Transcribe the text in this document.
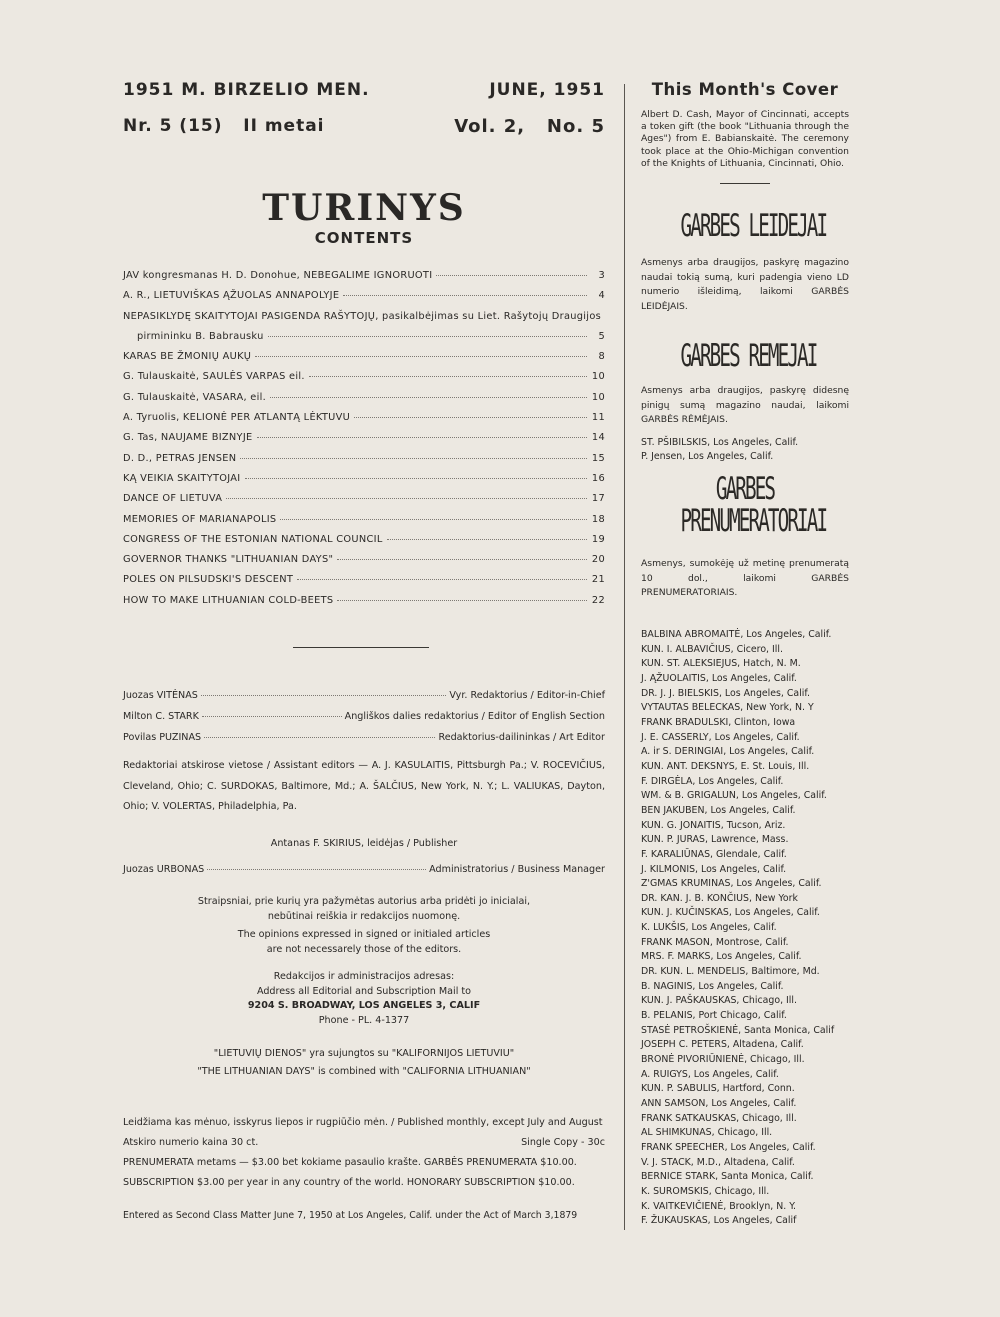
1951 M. BIRZELIO MEN.	JUNE, 1951
Nr. 5 (15)   II metai	Vol. 2,   No. 5
TURINYS
CONTENTS
JAV kongresmanas H. D. Donohue, NEBEGALIME IGNORUOTI	3
A. R., LIETUVIŠKAS ĄŽUOLAS ANNAPOLYJE	4
NEPASIKLYDĘ SKAITYTOJAI PASIGENDA RAŠYTOJŲ, pasikalbėjimas su Liet. Rašytojų Draugijos
pirmininku B. Babrausku	5
KARAS BE ŽMONIŲ AUKŲ	8
G. Tulauskaitė, SAULĖS VARPAS eil.	10
G. Tulauskaitė, VASARA, eil.	10
A. Tyruolis, KELIONĖ PER ATLANTĄ LĖKTUVU	11
G. Tas, NAUJAME BIZNYJE	14
D. D., PETRAS JENSEN	15
KĄ VEIKIA SKAITYTOJAI	16
DANCE OF LIETUVA	17
MEMORIES OF MARIANAPOLIS	18
CONGRESS OF THE ESTONIAN NATIONAL COUNCIL	19
GOVERNOR THANKS "LITHUANIAN DAYS"	20
POLES ON PILSUDSKI'S DESCENT	21
HOW TO MAKE LITHUANIAN COLD-BEETS	22
Juozas VITĖNAS	Vyr. Redaktorius / Editor-in-Chief
Milton C. STARK	Angliškos dalies redaktorius / Editor of English Section
Povilas PUZINAS	Redaktorius-dailininkas / Art Editor
Redaktoriai atskirose vietose / Assistant editors — A. J. KASULAITIS, Pittsburgh Pa.; V. ROCEVIČIUS, Cleveland, Ohio; C. SURDOKAS, Baltimore, Md.; A. ŠALČIUS, New York, N. Y.; L. VALIUKAS, Dayton, Ohio; V. VOLERTAS, Philadelphia, Pa.
Antanas F. SKIRIUS, leidėjas / Publisher
Juozas URBONAS	Administratorius / Business Manager
Straipsniai, prie kurių yra pažymėtas autorius arba pridėti jo inicialai,
nebūtinai reiškia ir redakcijos nuomonę.
The opinions expressed in signed or initialed articles
are not necessarely those of the editors.
Redakcijos ir administracijos adresas:
Address all Editorial and Subscription Mail to
9204 S. BROADWAY, LOS ANGELES 3, CALIF
Phone - PL. 4-1377
"LIETUVIŲ DIENOS" yra sujungtos su "KALIFORNIJOS LIETUVIU"
"THE LITHUANIAN DAYS" is combined with "CALIFORNIA LITHUANIAN"
Leidžiama kas mėnuo, isskyrus liepos ir rugpiūčio mėn. / Published monthly, except July and August
Atskiro numerio kaina 30 ct.	Single Copy - 30c
PRENUMERATA metams — $3.00 bet kokiame pasaulio krašte. GARBĖS PRENUMERATA $10.00.
SUBSCRIPTION $3.00 per year in any country of the world. HONORARY SUBSCRIPTION $10.00.
Entered as Second Class Matter June 7, 1950 at Los Angeles, Calif. under the Act of March 3,1879
This Month's Cover
Albert D. Cash, Mayor of Cincinnati, accepts a token gift (the book "Lithuania through the Ages") from E. Babianskaitė. The ceremony took place at the Ohio-Michigan convention of the Knights of Lithuania, Cincinnati, Ohio.
GARBES LEIDEJAI
Asmenys arba draugijos, paskyrę magazino naudai tokią sumą, kuri padengia vieno LD numerio išleidimą, laikomi GARBĖS LEIDĖJAIS.
GARBES REMEJAI
Asmenys arba draugijos, paskyrę didesnę pinigų sumą magazino naudai, laikomi GARBĖS RĖMĖJAIS.
ST. PŠIBILSKIS, Los Angeles, Calif.
P. Jensen, Los Angeles, Calif.
GARBES
PRENUMERATORIAI
Asmenys, sumokėję už metinę prenumeratą 10 dol., laikomi GARBĖS PRENUMERATORIAIS.
BALBINA ABROMAITĖ, Los Angeles, Calif.
KUN. I. ALBAVIČIUS, Cicero, Ill.
KUN. ST. ALEKSIEJUS, Hatch, N. M.
J. ĄŽUOLAITIS, Los Angeles, Calif.
DR. J. J. BIELSKIS, Los Angeles, Calif.
VYTAUTAS BELECKAS, New York, N. Y
FRANK BRADULSKI, Clinton, Iowa
J. E. CASSERLY, Los Angeles, Calif.
A. ir S. DERINGIAI, Los Angeles, Calif.
KUN. ANT. DEKSNYS, E. St. Louis, Ill.
F. DIRGĖLA, Los Angeles, Calif.
WM. & B. GRIGALUN, Los Angeles, Calif.
BEN JAKUBEN, Los Angeles, Calif.
KUN. G. JONAITIS, Tucson, Ariz.
KUN. P. JURAS, Lawrence, Mass.
F. KARALIŪNAS, Glendale, Calif.
J. KILMONIS, Los Angeles, Calif.
Z'GMAS KRUMINAS, Los Angeles, Calif.
DR. KAN. J. B. KONČIUS, New York
KUN. J. KUČINSKAS, Los Angeles, Calif.
K. LUKŠIS, Los Angeles, Calif.
FRANK MASON, Montrose, Calif.
MRS. F. MARKS, Los Angeles, Calif.
DR. KUN. L. MENDELIS, Baltimore, Md.
B. NAGINIS, Los Angeles, Calif.
KUN. J. PAŠKAUSKAS, Chicago, Ill.
B. PELANIS, Port Chicago, Calif.
STASĖ PETROŠKIENĖ, Santa Monica, Calif
JOSEPH C. PETERS, Altadena, Calif.
BRONĖ PIVORIŪNIENĖ, Chicago, Ill.
A. RUIGYS, Los Angeles, Calif.
KUN. P. SABULIS, Hartford, Conn.
ANN SAMSON, Los Angeles, Calif.
FRANK SATKAUSKAS, Chicago, Ill.
AL SHIMKUNAS, Chicago, Ill.
FRANK SPEECHER, Los Angeles, Calif.
V. J. STACK, M.D., Altadena, Calif.
BERNICE STARK, Santa Monica, Calif.
K. SUROMSKIS, Chicago, Ill.
K. VAITKEVIČIENĖ, Brooklyn, N. Y.
F. ŽUKAUSKAS, Los Angeles, Calif
